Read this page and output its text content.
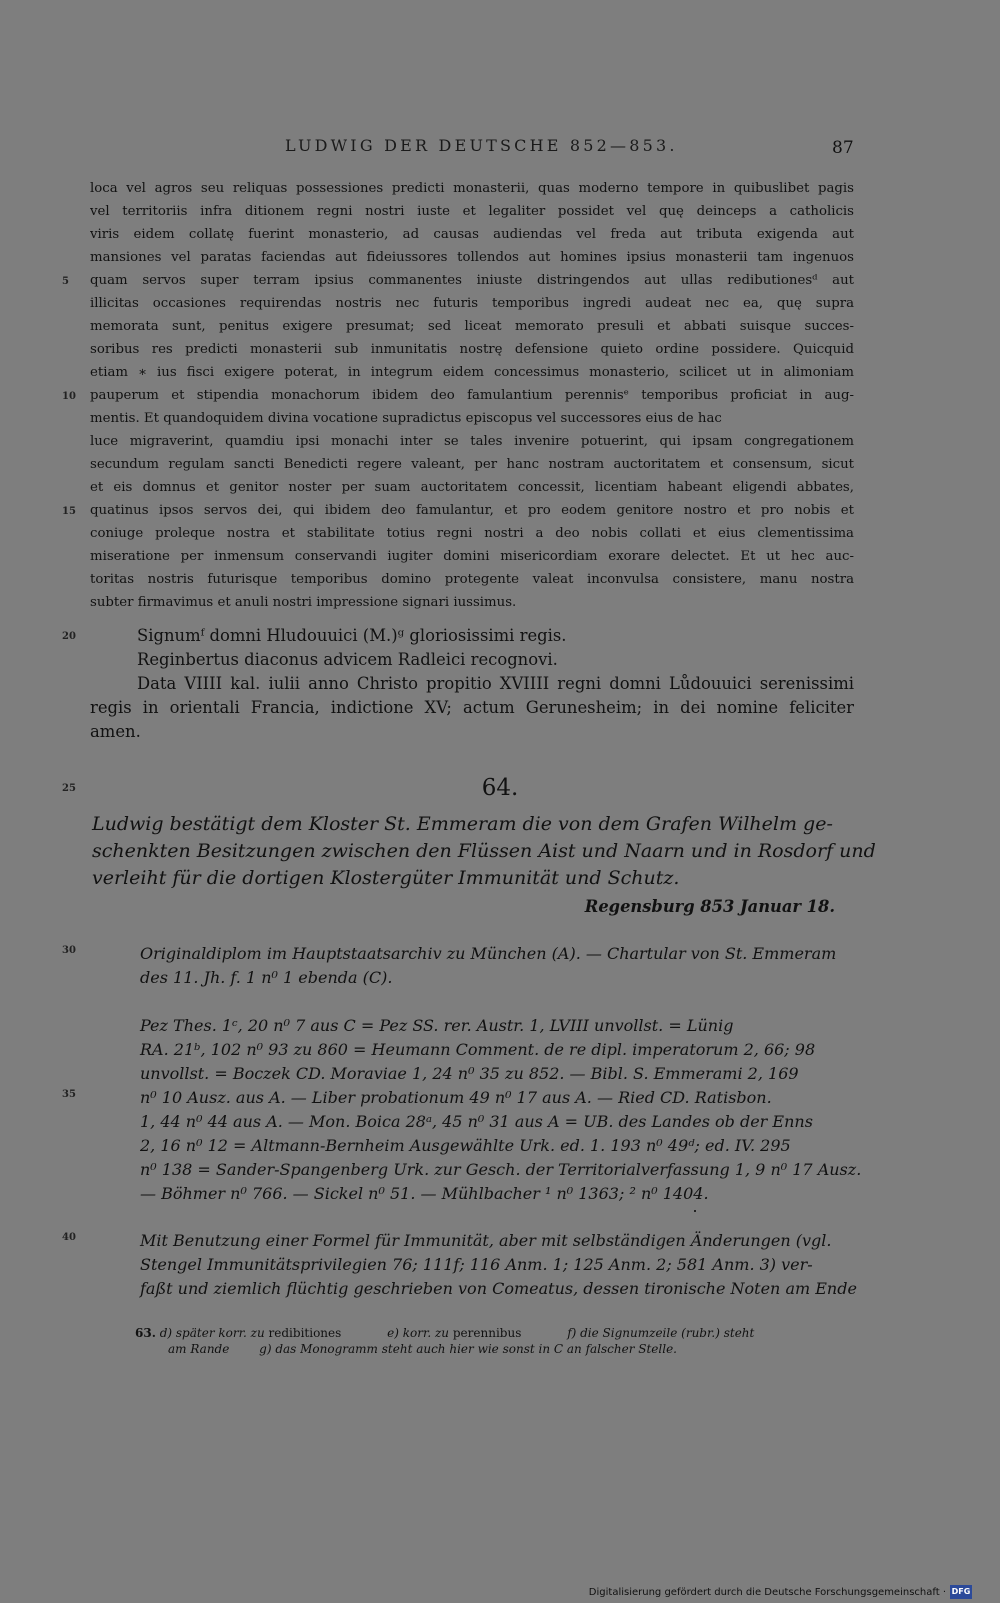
LUDWIG DER DEUTSCHE 852—853.	87
loca vel agros seu reliquas possessiones predicti monasterii, quas moderno tempore in quibuslibet pagis
vel territoriis infra ditionem regni nostri iuste et legaliter possidet vel quę deinceps a catholicis
viris eidem collatę fuerint monasterio, ad causas audiendas vel freda aut tributa exigenda aut
mansiones vel paratas faciendas aut fideiussores tollendos aut homines ipsius monasterii tam ingenuos
5 quam servos super terram ipsius commanentes iniuste distringendos aut ullas redibutionesᵈ aut
illicitas occasiones requirendas nostris nec futuris temporibus ingredi audeat nec ea, quę supra
memorata sunt, penitus exigere presumat; sed liceat memorato presuli et abbati suisque succes-
soribus res predicti monasterii sub inmunitatis nostrę defensione quieto ordine possidere. Quicquid
etiam ∗ ius fisci exigere poterat, in integrum eidem concessimus monasterio, scilicet ut in alimoniam
10 pauperum et stipendia monachorum ibidem deo famulantium perennisᵉ temporibus proficiat in aug-
mentis. Et quandoquidem divina vocatione supradictus episcopus vel successores eius de hac
luce migraverint, quamdiu ipsi monachi inter se tales invenire potuerint, qui ipsam congregationem
secundum regulam sancti Benedicti regere valeant, per hanc nostram auctoritatem et consensum, sicut
et eis domnus et genitor noster per suam auctoritatem concessit, licentiam habeant eligendi abbates,
15 quatinus ipsos servos dei, qui ibidem deo famulantur, et pro eodem genitore nostro et pro nobis et
coniuge proleque nostra et stabilitate totius regni nostri a deo nobis collati et eius clementissima
miseratione per inmensum conservandi iugiter domini misericordiam exorare delectet. Et ut hec auc-
toritas nostris futurisque temporibus domino protegente valeat inconvulsa consistere, manu nostra
subter firmavimus et anuli nostri impressione signari iussimus.
20	Signumᶠ domni Hludouuici (M.)ᵍ gloriosissimi regis.
Reginbertus diaconus advicem Radleici recognovi.
Data VIIII kal. iulii anno Christo propitio XVIIII regni domni Lůdouuici serenissimi
regis in orientali Francia, indictione XV; actum Gerunesheim; in dei nomine feliciter
amen.
25	64.
Ludwig bestätigt dem Kloster St. Emmeram die von dem Grafen Wilhelm ge-
schenkten Besitzungen zwischen den Flüssen Aist und Naarn und in Rosdorf und
verleiht für die dortigen Klostergüter Immunität und Schutz.
Regensburg 853 Januar 18.
30	Originaldiplom im Hauptstaatsarchiv zu München (A). — Chartular von St. Emmeram
des 11. Jh. f. 1 n⁰ 1 ebenda (C).
Pez Thes. 1ᶜ, 20 n⁰ 7 aus C = Pez SS. rer. Austr. 1, LVIII unvollst. = Lünig
RA. 21ᵇ, 102 n⁰ 93 zu 860 = Heumann Comment. de re dipl. imperatorum 2, 66; 98
unvollst. = Boczek CD. Moraviae 1, 24 n⁰ 35 zu 852. — Bibl. S. Emmerami 2, 169
35	n⁰ 10 Ausz. aus A. — Liber probationum 49 n⁰ 17 aus A. — Ried CD. Ratisbon.
1, 44 n⁰ 44 aus A. — Mon. Boica 28ᵃ, 45 n⁰ 31 aus A = UB. des Landes ob der Enns
2, 16 n⁰ 12 = Altmann-Bernheim Ausgewählte Urk. ed. 1. 193 n⁰ 49ᵈ; ed. IV. 295
n⁰ 138 = Sander-Spangenberg Urk. zur Gesch. der Territorialverfassung 1, 9 n⁰ 17 Ausz.
— Böhmer n⁰ 766. — Sickel n⁰ 51. — Mühlbacher ¹ n⁰ 1363; ² n⁰ 1404.
40	Mit Benutzung einer Formel für Immunität, aber mit selbständigen Änderungen (vgl.
Stengel Immunitätsprivilegien 76; 111f; 116 Anm. 1; 125 Anm. 2; 581 Anm. 3) ver-
faßt und ziemlich flüchtig geschrieben von Comeatus, dessen tironische Noten am Ende
63. d) später korr. zu redibitiones	e) korr. zu perennibus	f) die Signumzeile (rubr.) steht
am Rande g) das Monogramm steht auch hier wie sonst in C an falscher Stelle.
Digitalisierung gefördert durch die Deutsche Forschungsgemeinschaft · DFG
